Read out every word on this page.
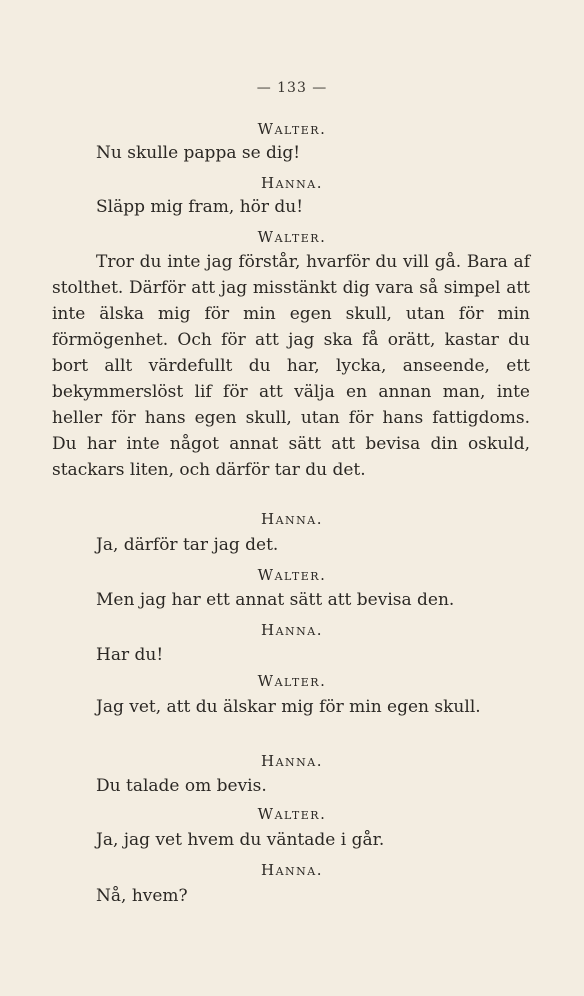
— 133 —
Walter.
Nu skulle pappa se dig!
Hanna.
Släpp mig fram, hör du!
Walter.
Tror du inte jag förstår, hvarför du vill gå. Bara af stolthet. Därför att jag misstänkt dig vara så simpel att inte älska mig för min egen skull, utan för min förmögenhet. Och för att jag ska få orätt, kastar du bort allt värdefullt du har, lycka, anseende, ett bekymmerslöst lif för att välja en annan man, inte heller för hans egen skull, utan för hans fattigdoms. Du har inte något annat sätt att bevisa din oskuld, stackars liten, och därför tar du det.
Hanna.
Ja, därför tar jag det.
Walter.
Men jag har ett annat sätt att bevisa den.
Hanna.
Har du!
Walter.
Jag vet, att du älskar mig för min egen skull.
Hanna.
Du talade om bevis.
Walter.
Ja, jag vet hvem du väntade i går.
Hanna.
Nå, hvem?
